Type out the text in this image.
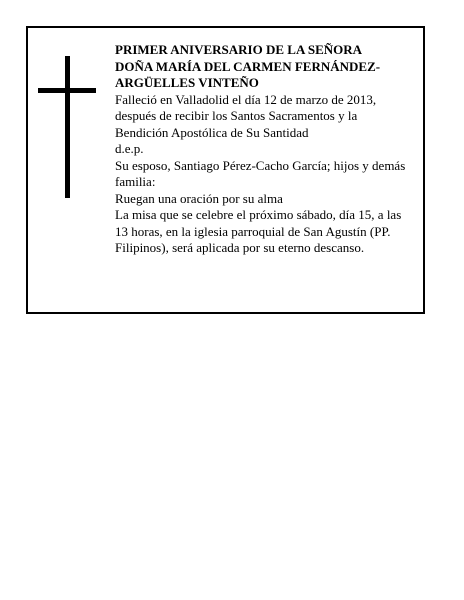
PRIMER ANIVERSARIO DE LA SEÑORA

DOÑA MARÍA DEL CARMEN FERNÁNDEZ-

ARGÜELLES VINTEÑO

Falleció en Valladolid el día 12 de marzo de 2013,

después de recibir los Santos Sacramentos y la

Bendición Apostólica de Su Santidad

d.e.p.

Su esposo, Santiago Pérez-Cacho García; hijos y demás

familia:

Ruegan una oración por su alma

La misa que se celebre el próximo sábado, día 15, a las

13 horas, en la iglesia parroquial de San Agustín (PP.

Filipinos), será aplicada por su eterno descanso.
